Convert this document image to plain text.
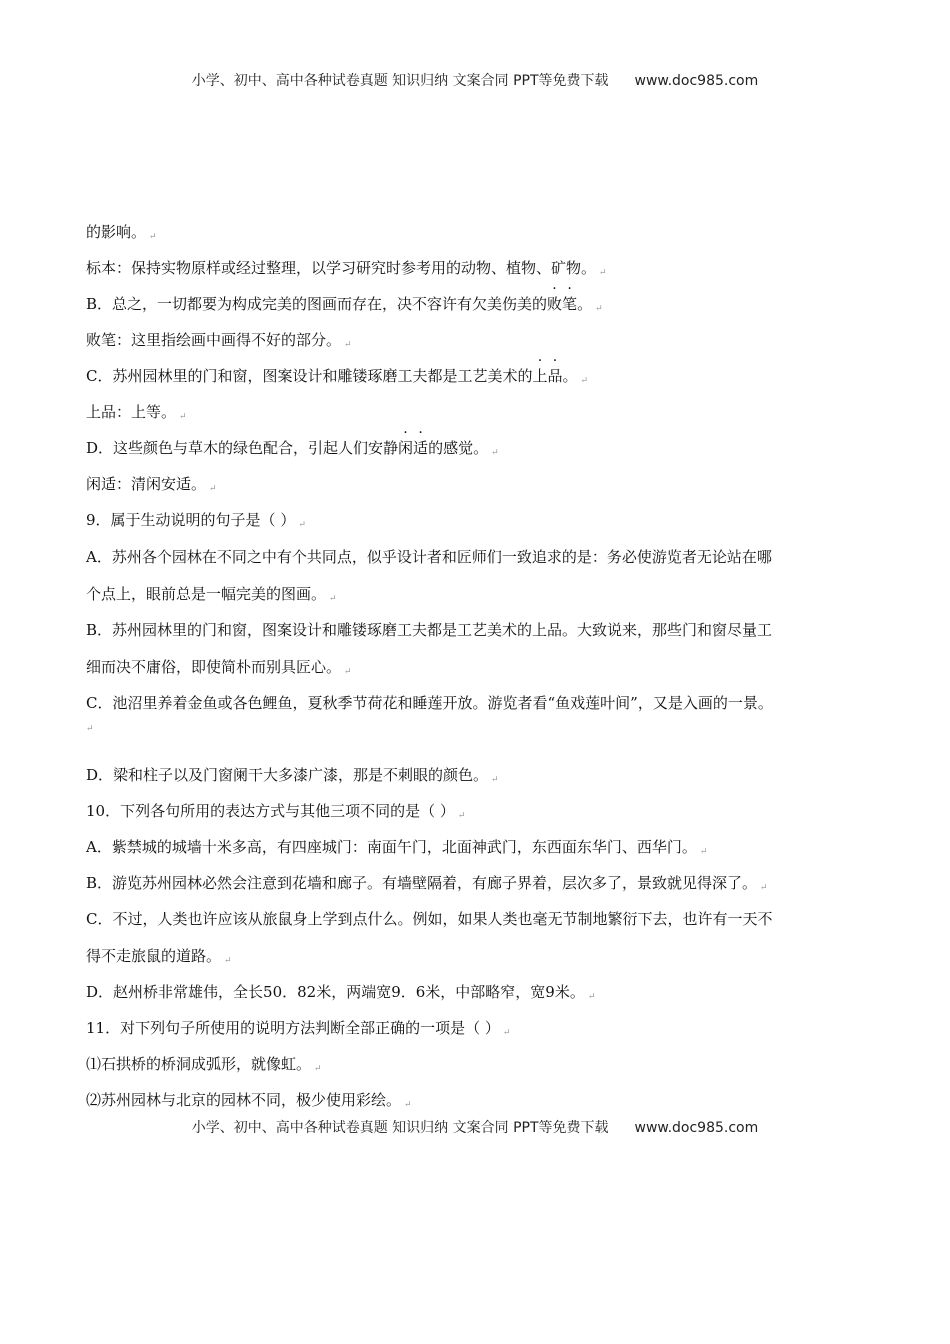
小学、初中、高中各种试卷真题 知识归纳 文案合同 PPT等免费下载 www.doc985.com
的影响。 ↵
标本：保持实物原样或经过整理，以学习研究时参考用的动物、植物、矿物。 ↵
B．总之，一切都要为构成完美的图画而存在，决不容许有欠美伤美的败笔。 ↵
败笔：这里指绘画中画得不好的部分。 ↵
C．苏州园林里的门和窗，图案设计和雕镂琢磨工夫都是工艺美术的上品。 ↵
上品：上等。 ↵
D．这些颜色与草木的绿色配合，引起人们安静闲适的感觉。 ↵
闲适：清闲安适。 ↵
9．属于生动说明的句子是（ ） ↵
A．苏州各个园林在不同之中有个共同点，似乎设计者和匠师们一致追求的是：务必使游览者无论站在哪
个点上，眼前总是一幅完美的图画。 ↵
B．苏州园林里的门和窗，图案设计和雕镂琢磨工夫都是工艺美术的上品。大致说来，那些门和窗尽量工
细而决不庸俗，即使简朴而别具匠心。 ↵
C．池沼里养着金鱼或各色鲤鱼，夏秋季节荷花和睡莲开放。游览者看“鱼戏莲叶间”，又是入画的一景。
↵
D．梁和柱子以及门窗阑干大多漆广漆，那是不刺眼的颜色。 ↵
10．下列各句所用的表达方式与其他三项不同的是（ ） ↵
A．紫禁城的城墙十米多高，有四座城门：南面午门，北面神武门，东西面东华门、西华门。 ↵
B．游览苏州园林必然会注意到花墙和廊子。有墙壁隔着，有廊子界着，层次多了，景致就见得深了。 ↵
C．不过，人类也许应该从旅鼠身上学到点什么。例如，如果人类也毫无节制地繁衍下去，也许有一天不
得不走旅鼠的道路。 ↵
D．赵州桥非常雄伟，全长50．82米，两端宽9．6米，中部略窄，宽9米。 ↵
11．对下列句子所使用的说明方法判断全部正确的一项是（ ） ↵
⑴石拱桥的桥洞成弧形，就像虹。 ↵
⑵苏州园林与北京的园林不同，极少使用彩绘。 ↵
小学、初中、高中各种试卷真题 知识归纳 文案合同 PPT等免费下载 www.doc985.com
